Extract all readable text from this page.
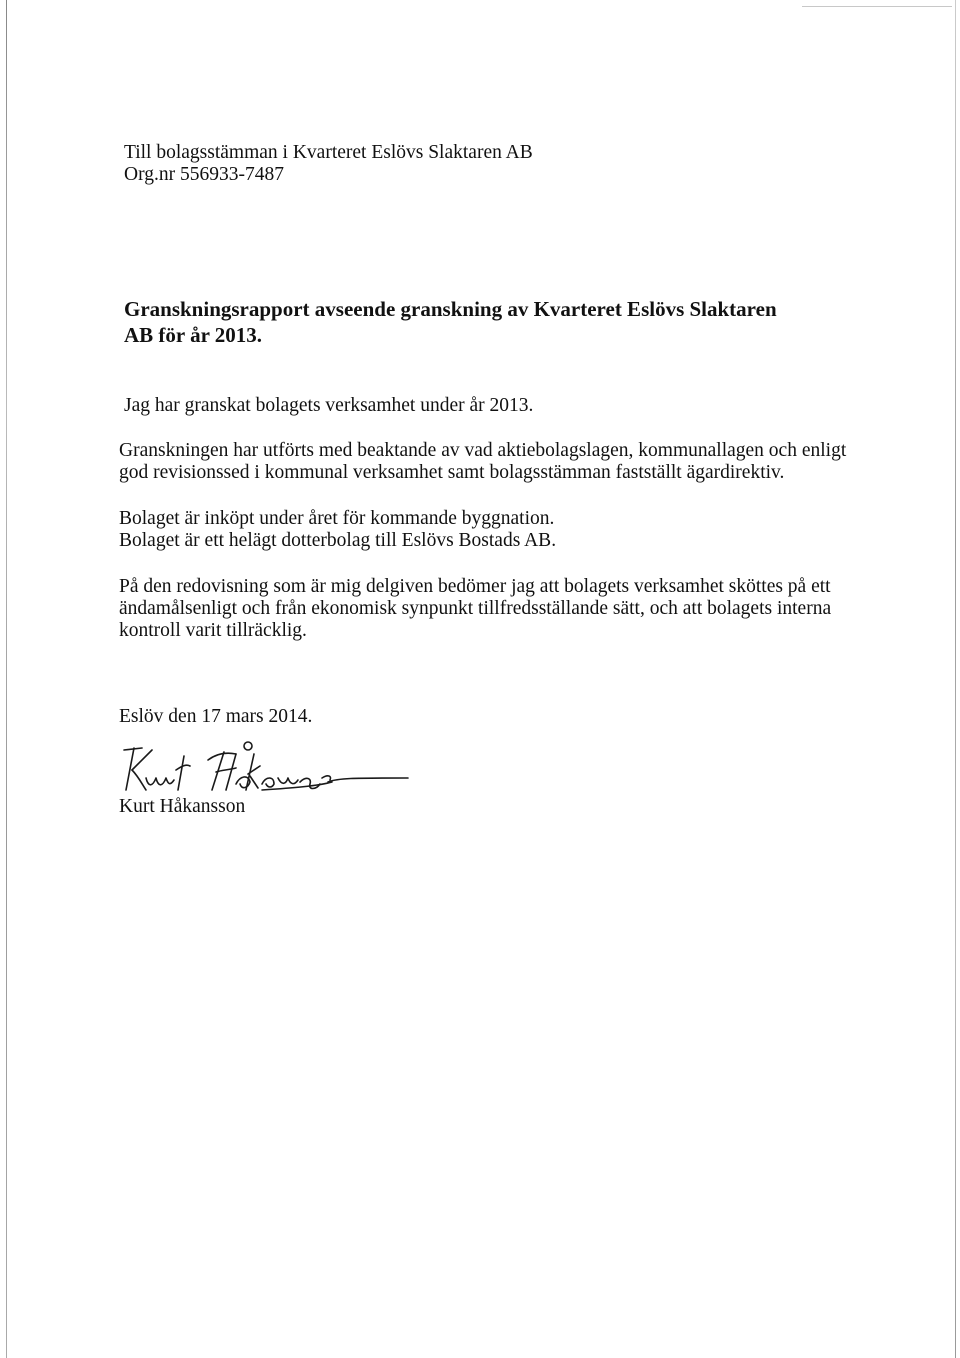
Till bolagsstämman i Kvarteret Eslövs Slaktaren AB
Org.nr 556933-7487
Granskningsrapport avseende granskning av Kvarteret Eslövs Slaktaren
AB för år 2013.
Jag har granskat bolagets verksamhet under år 2013.
Granskningen har utförts med beaktande av vad aktiebolagslagen, kommunallagen och enligt
god revisionssed i kommunal verksamhet samt bolagsstämman fastställt ägardirektiv.
Bolaget är inköpt under året för kommande byggnation.
Bolaget är ett helägt dotterbolag till Eslövs Bostads AB.
På den redovisning som är mig delgiven bedömer jag att bolagets verksamhet sköttes på ett
ändamålsenligt och från ekonomisk synpunkt tillfredsställande sätt, och att bolagets interna
kontroll varit tillräcklig.
Eslöv den 17 mars 2014.
Kurt Håkansson
